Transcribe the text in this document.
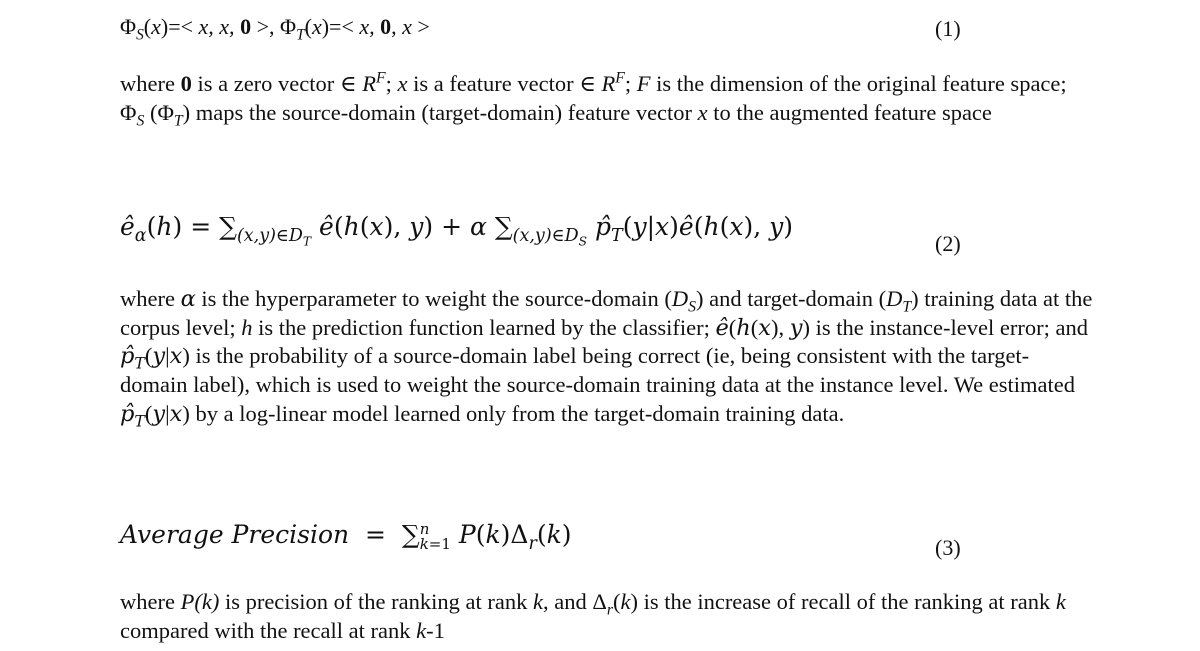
$\Phi_S(x)=< x$, x, 0 >, $\Phi_T(x)=< x$, 0, x >	(1)
where 0 is a zero vector ∈ $R^F$; x is a feature vector ∈ $R^F$; F is the dimension of the original feature space; $\Phi_S$ $(\Phi_T)$ maps the source-domain (target-domain) feature vector x to the augmented feature space
$ê_\alpha(h) = \sum_{(x,y)\in D_T}$ ê(h(x), y) + α $\sum_{(x,y)\in D_S}$ $p̂_T(y|x)ê(h(x)$, y)
(2)
where α is the hyperparameter to weight the source-domain $(D_S)$ and target-domain $(D_T)$ training data at the corpus level; h is the prediction function learned by the classifier; ê(h(x), y) is the instance-level error; and $p̂_T(y|x)$ is the probability of a source-domain label being correct (ie, being consistent with the target-domain label), which is used to weight the source-domain training data at the instance level. We estimated $p̂_T(y|x)$ by a log-linear model learned only from the target-domain training data.
Average Precision  =  ∑n
k=1 $P(k)\Delta_r(k)$	(3)
where P(k) is precision of the ranking at rank k, and $\Delta_r(k)$ is the increase of recall of the ranking at rank k compared with the recall at rank k-1
